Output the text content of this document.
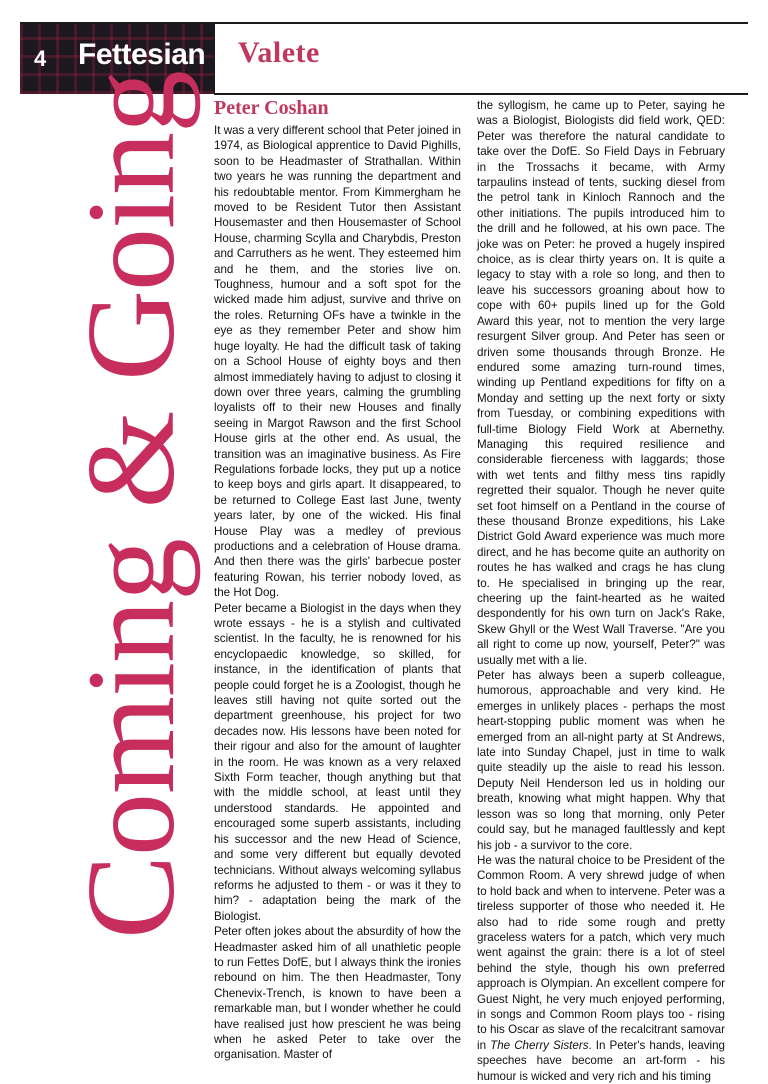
4 Fettesian Valete
Coming & Going Peter Coshan

It was a very different school that Peter joined in 1974, as Biological apprentice to David Pighills, soon to be Headmaster of Strathallan. Within two years he was running the department and his redoubtable mentor. From Kimmergham he moved to be Resident Tutor then Assistant Housemaster and then Housemaster of School House, charming Scylla and Charybdis, Preston and Carruthers as he went. They esteemed him and he them, and the stories live on. Toughness, humour and a soft spot for the wicked made him adjust, survive and thrive on the roles. Returning OFs have a twinkle in the eye as they remember Peter and show him huge loyalty. He had the difficult task of taking on a School House of eighty boys and then almost immediately having to adjust to closing it down over three years, calming the grumbling loyalists off to their new Houses and finally seeing in Margot Rawson and the first School House girls at the other end. As usual, the transition was an imaginative business. As Fire Regulations forbade locks, they put up a notice to keep boys and girls apart. It disappeared, to be returned to College East last June, twenty years later, by one of the wicked. His final House Play was a medley of previous productions and a celebration of House drama. And then there was the girls' barbecue poster featuring Rowan, his terrier nobody loved, as the Hot Dog.

Peter became a Biologist in the days when they wrote essays - he is a stylish and cultivated scientist. In the faculty, he is renowned for his encyclopaedic knowledge, so skilled, for instance, in the identification of plants that people could forget he is a Zoologist, though he leaves still having not quite sorted out the department greenhouse, his project for two decades now. His lessons have been noted for their rigour and also for the amount of laughter in the room. He was known as a very relaxed Sixth Form teacher, though anything but that with the middle school, at least until they understood standards. He appointed and encouraged some superb assistants, including his successor and the new Head of Science, and some very different but equally devoted technicians. Without always welcoming syllabus reforms he adjusted to them - or was it they to him? - adaptation being the mark of the Biologist.

Peter often jokes about the absurdity of how the Headmaster asked him of all unathletic people to run Fettes DofE, but I always think the ironies rebound on him. The then Headmaster, Tony Chenevix-Trench, is known to have been a remarkable man, but I wonder whether he could have realised just how prescient he was being when he asked Peter to take over the organisation. Master of

the syllogism, he came up to Peter, saying he was a Biologist, Biologists did field work, QED: Peter was therefore the natural candidate to take over the DofE. So Field Days in February in the Trossachs it became, with Army tarpaulins instead of tents, sucking diesel from the petrol tank in Kinloch Rannoch and the other initiations. The pupils introduced him to the drill and he followed, at his own pace. The joke was on Peter: he proved a hugely inspired choice, as is clear thirty years on. It is quite a legacy to stay with a role so long, and then to leave his successors groaning about how to cope with 60+ pupils lined up for the Gold Award this year, not to mention the very large resurgent Silver group. And Peter has seen or driven some thousands through Bronze. He endured some amazing turn-round times, winding up Pentland expeditions for fifty on a Monday and setting up the next forty or sixty from Tuesday, or combining expeditions with full-time Biology Field Work at Abernethy. Managing this required resilience and considerable fierceness with laggards; those with wet tents and filthy mess tins rapidly regretted their squalor. Though he never quite set foot himself on a Pentland in the course of these thousand Bronze expeditions, his Lake District Gold Award experience was much more direct, and he has become quite an authority on routes he has walked and crags he has clung to. He specialised in bringing up the rear, cheering up the faint-hearted as he waited despondently for his own turn on Jack's Rake, Skew Ghyll or the West Wall Traverse. "Are you all right to come up now, yourself, Peter?" was usually met with a lie.

Peter has always been a superb colleague, humorous, approachable and very kind. He emerges in unlikely places - perhaps the most heart-stopping public moment was when he emerged from an all-night party at St Andrews, late into Sunday Chapel, just in time to walk quite steadily up the aisle to read his lesson. Deputy Neil Henderson led us in holding our breath, knowing what might happen. Why that lesson was so long that morning, only Peter could say, but he managed faultlessly and kept his job - a survivor to the core.

He was the natural choice to be President of the Common Room. A very shrewd judge of when to hold back and when to intervene. Peter was a tireless supporter of those who needed it. He also had to ride some rough and pretty graceless waters for a patch, which very much went against the grain: there is a lot of steel behind the style, though his own preferred approach is Olympian. An excellent compere for Guest Night, he very much enjoyed performing, in songs and Common Room plays too - rising to his Oscar as slave of the recalcitrant samovar in The Cherry Sisters. In Peter's hands, leaving speeches have become an art-form - his humour is wicked and very rich and his timing
